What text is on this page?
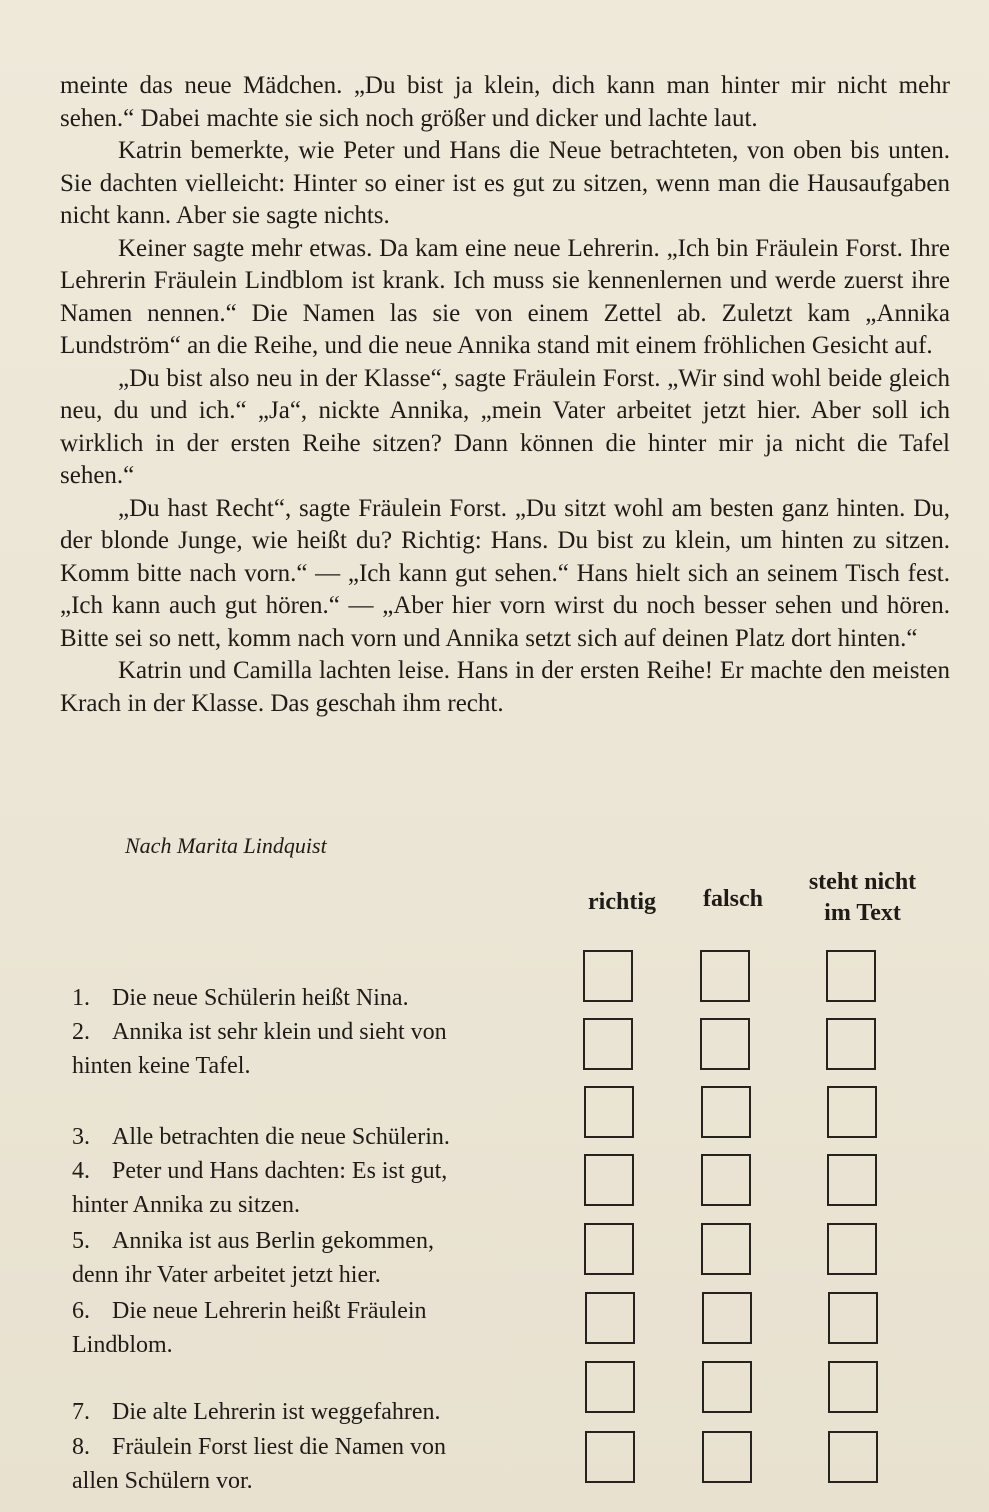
meinte das neue Mädchen. „Du bist ja klein, dich kann man hinter mir nicht mehr sehen.“ Dabei machte sie sich noch größer und dicker und lachte laut.

Katrin bemerkte, wie Peter und Hans die Neue betrachteten, von oben bis unten. Sie dachten vielleicht: Hinter so einer ist es gut zu sitzen, wenn man die Hausaufgaben nicht kann. Aber sie sagte nichts.

Keiner sagte mehr etwas. Da kam eine neue Lehrerin. „Ich bin Fräulein Forst. Ihre Lehrerin Fräulein Lindblom ist krank. Ich muss sie kennenlernen und werde zuerst ihre Namen nennen.“ Die Namen las sie von einem Zettel ab. Zuletzt kam „Annika Lundström“ an die Reihe, und die neue Annika stand mit einem fröhlichen Gesicht auf.

„Du bist also neu in der Klasse“, sagte Fräulein Forst. „Wir sind wohl beide gleich neu, du und ich.“ „Ja“, nickte Annika, „mein Vater arbeitet jetzt hier. Aber soll ich wirklich in der ersten Reihe sitzen? Dann können die hinter mir ja nicht die Tafel sehen.“

„Du hast Recht“, sagte Fräulein Forst. „Du sitzt wohl am besten ganz hinten. Du, der blonde Junge, wie heißt du? Richtig: Hans. Du bist zu klein, um hinten zu sitzen. Komm bitte nach vorn.“ — „Ich kann gut sehen.“ Hans hielt sich an seinem Tisch fest. „Ich kann auch gut hören.“ — „Aber hier vorn wirst du noch besser sehen und hören. Bitte sei so nett, komm nach vorn und Annika setzt sich auf deinen Platz dort hinten.“

Katrin und Camilla lachten leise. Hans in der ersten Reihe! Er machte den meisten Krach in der Klasse. Das geschah ihm recht.

Nach Marita Lindquist
richtig	falsch
steht nicht
im Text
1. Die neue Schülerin heißt Nina.
2. Annika ist sehr klein und sieht von
hinten keine Tafel.
3. Alle betrachten die neue Schülerin.
4. Peter und Hans dachten: Es ist gut,
hinter Annika zu sitzen.
5. Annika ist aus Berlin gekommen,
denn ihr Vater arbeitet jetzt hier.
6. Die neue Lehrerin heißt Fräulein
Lindblom.
7. Die alte Lehrerin ist weggefahren.
8. Fräulein Forst liest die Namen von
allen Schülern vor.
